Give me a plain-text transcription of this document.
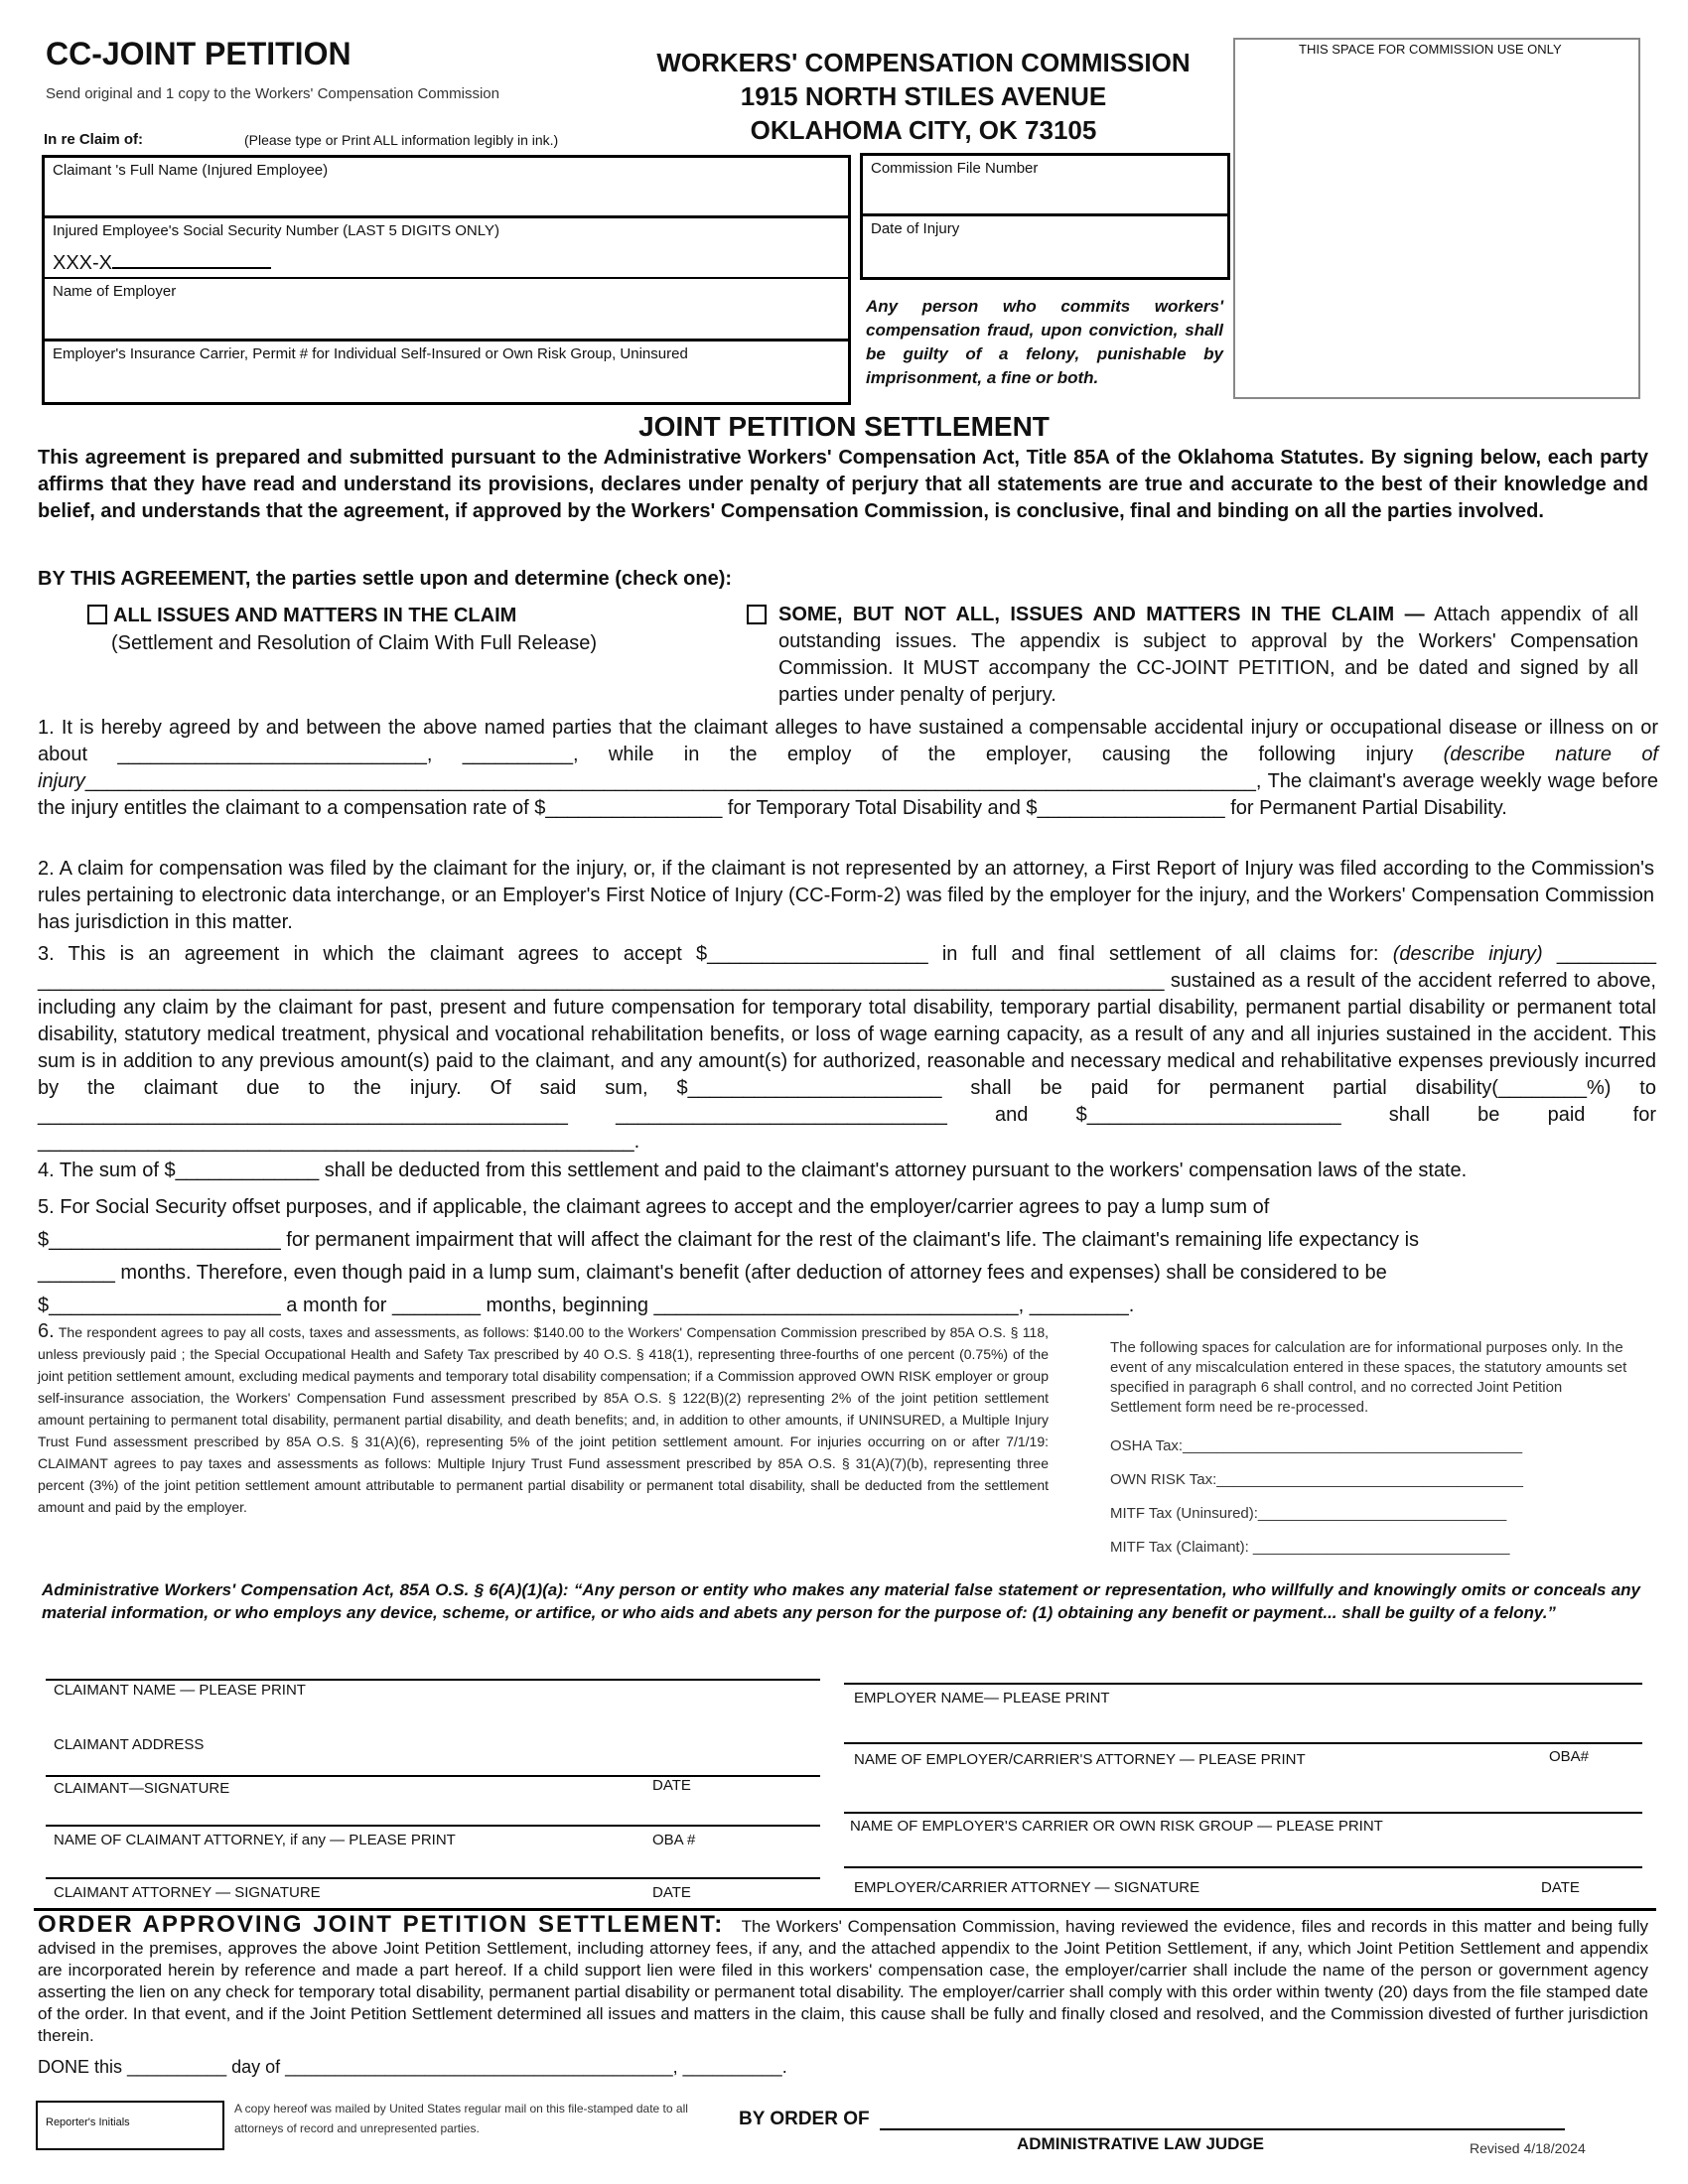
CC-JOINT PETITION
Send original and 1 copy to the Workers' Compensation Commission
WORKERS' COMPENSATION COMMISSION
1915 NORTH STILES AVENUE
OKLAHOMA CITY, OK 73105
THIS SPACE FOR COMMISSION USE ONLY
In re Claim of:	(Please type or Print ALL information legibly in ink.)
Claimant 's Full Name (Injured Employee)
Injured Employee's Social Security Number (LAST 5 DIGITS ONLY)
XXX-X
Name of Employer
Employer's Insurance Carrier, Permit # for Individual Self-Insured or Own Risk Group, Uninsured
Commission File Number
Date of Injury
Any person who commits workers' compensation fraud, upon conviction, shall be guilty of a felony, punishable by imprisonment, a fine or both.
JOINT PETITION SETTLEMENT
This agreement is prepared and submitted pursuant to the Administrative Workers' Compensation Act, Title 85A of the Oklahoma Statutes. By signing below, each party affirms that they have read and understand its provisions, declares under penalty of perjury that all statements are true and accurate to the best of their knowledge and belief, and understands that the agreement, if approved by the Workers' Compensation Commission, is conclusive, final and binding on all the parties involved.
BY THIS AGREEMENT, the parties settle upon and determine (check one):
ALL ISSUES AND MATTERS IN THE CLAIM
(Settlement and Resolution of Claim With Full Release)
SOME, BUT NOT ALL, ISSUES AND MATTERS IN THE CLAIM — Attach appendix of all outstanding issues. The appendix is subject to approval by the Workers' Compensation Commission. It MUST accompany the CC-JOINT PETITION, and be dated and signed by all parties under penalty of perjury.
1. It is hereby agreed by and between the above named parties that the claimant alleges to have sustained a compensable accidental injury or occupational disease or illness on or about ____________________________, __________, while in the employ of the employer, causing the following injury (describe nature of injury__________________________________________________________________________________________________________, The claimant's average weekly wage before the injury entitles the claimant to a compensation rate of $________________ for Temporary Total Disability and $_________________ for Permanent Partial Disability.
2. A claim for compensation was filed by the claimant for the injury, or, if the claimant is not represented by an attorney, a First Report of Injury was filed according to the Commission's rules pertaining to electronic data interchange, or an Employer's First Notice of Injury (CC-Form-2) was filed by the employer for the injury, and the Workers' Compensation Commission has jurisdiction in this matter.
3. This is an agreement in which the claimant agrees to accept $____________________ in full and final settlement of all claims for: (describe injury) _________ ______________________________________________________________________________________________________ sustained as a result of the accident referred to above, including any claim by the claimant for past, present and future compensation for temporary total disability, temporary partial disability, permanent partial disability or permanent total disability, statutory medical treatment, physical and vocational rehabilitation benefits, or loss of wage earning capacity, as a result of any and all injuries sustained in the accident. This sum is in addition to any previous amount(s) paid to the claimant, and any amount(s) for authorized, reasonable and necessary medical and rehabilitative expenses previously incurred by the claimant due to the injury. Of said sum, $_______________________ shall be paid for permanent partial disability(________%) to ________________________________________________ ______________________________ and $_______________________ shall be paid for ______________________________________________________.
4. The sum of $_____________ shall be deducted from this settlement and paid to the claimant's attorney pursuant to the workers' compensation laws of the state.
5. For Social Security offset purposes, and if applicable, the claimant agrees to accept and the employer/carrier agrees to pay a lump sum of
$_____________________ for permanent impairment that will affect the claimant for the rest of the claimant's life. The claimant's remaining life expectancy is
_______ months. Therefore, even though paid in a lump sum, claimant's benefit (after deduction of attorney fees and expenses) shall be considered to be
$_____________________ a month for ________ months, beginning _________________________________, _________.
6. The respondent agrees to pay all costs, taxes and assessments, as follows: $140.00 to the Workers' Compensation Commission prescribed by 85A O.S. § 118, unless previously paid ; the Special Occupational Health and Safety Tax prescribed by 40 O.S. § 418(1), representing three-fourths of one percent (0.75%) of the joint petition settlement amount, excluding medical payments and temporary total disability compensation; if a Commission approved OWN RISK employer or group self-insurance association, the Workers' Compensation Fund assessment prescribed by 85A O.S. § 122(B)(2) representing 2% of the joint petition settlement amount pertaining to permanent total disability, permanent partial disability, and death benefits; and, in addition to other amounts, if UNINSURED, a Multiple Injury Trust Fund assessment prescribed by 85A O.S. § 31(A)(6), representing 5% of the joint petition settlement amount. For injuries occurring on or after 7/1/19: CLAIMANT agrees to pay taxes and assessments as follows: Multiple Injury Trust Fund assessment prescribed by 85A O.S. § 31(A)(7)(b), representing three percent (3%) of the joint petition settlement amount attributable to permanent partial disability or permanent total disability, shall be deducted from the settlement amount and paid by the employer.
The following spaces for calculation are for informational purposes only. In the event of any miscalculation entered in these spaces, the statutory amounts set specified in paragraph 6 shall control, and no corrected Joint Petition Settlement form need be re-processed.
OSHA Tax:_________________________________________
OWN RISK Tax:_____________________________________
MITF Tax (Uninsured):______________________________
MITF Tax (Claimant): _______________________________
Administrative Workers' Compensation Act, 85A O.S. § 6(A)(1)(a): “Any person or entity who makes any material false statement or representation, who willfully and knowingly omits or conceals any material information, or who employs any device, scheme, or artifice, or who aids and abets any person for the purpose of: (1) obtaining any benefit or payment... shall be guilty of a felony.”
CLAIMANT NAME — PLEASE PRINT
CLAIMANT ADDRESS
CLAIMANT—SIGNATURE	DATE
NAME OF CLAIMANT ATTORNEY, if any — PLEASE PRINT	OBA #
CLAIMANT ATTORNEY — SIGNATURE	DATE
EMPLOYER NAME— PLEASE PRINT
NAME OF EMPLOYER/CARRIER'S ATTORNEY — PLEASE PRINT	OBA#
NAME OF EMPLOYER'S CARRIER OR OWN RISK GROUP — PLEASE PRINT
EMPLOYER/CARRIER ATTORNEY — SIGNATURE	DATE
ORDER APPROVING JOINT PETITION SETTLEMENT: The Workers' Compensation Commission, having reviewed the evidence, files and records in this matter and being fully advised in the premises, approves the above Joint Petition Settlement, including attorney fees, if any, and the attached appendix to the Joint Petition Settlement, if any, which Joint Petition Settlement and appendix are incorporated herein by reference and made a part hereof. If a child support lien were filed in this workers' compensation case, the employer/carrier shall include the name of the person or government agency asserting the lien on any check for temporary total disability, permanent partial disability or permanent total disability. The employer/carrier shall comply with this order within twenty (20) days from the file stamped date of the order. In that event, and if the Joint Petition Settlement determined all issues and matters in the claim, this cause shall be fully and finally closed and resolved, and the Commission divested of further jurisdiction therein.
DONE this __________ day of _______________________________________, __________.
Reporter's Initials
A copy hereof was mailed by United States regular mail on this file-stamped date to all attorneys of record and unrepresented parties.	BY ORDER OF
ADMINISTRATIVE LAW JUDGE	Revised 4/18/2024
